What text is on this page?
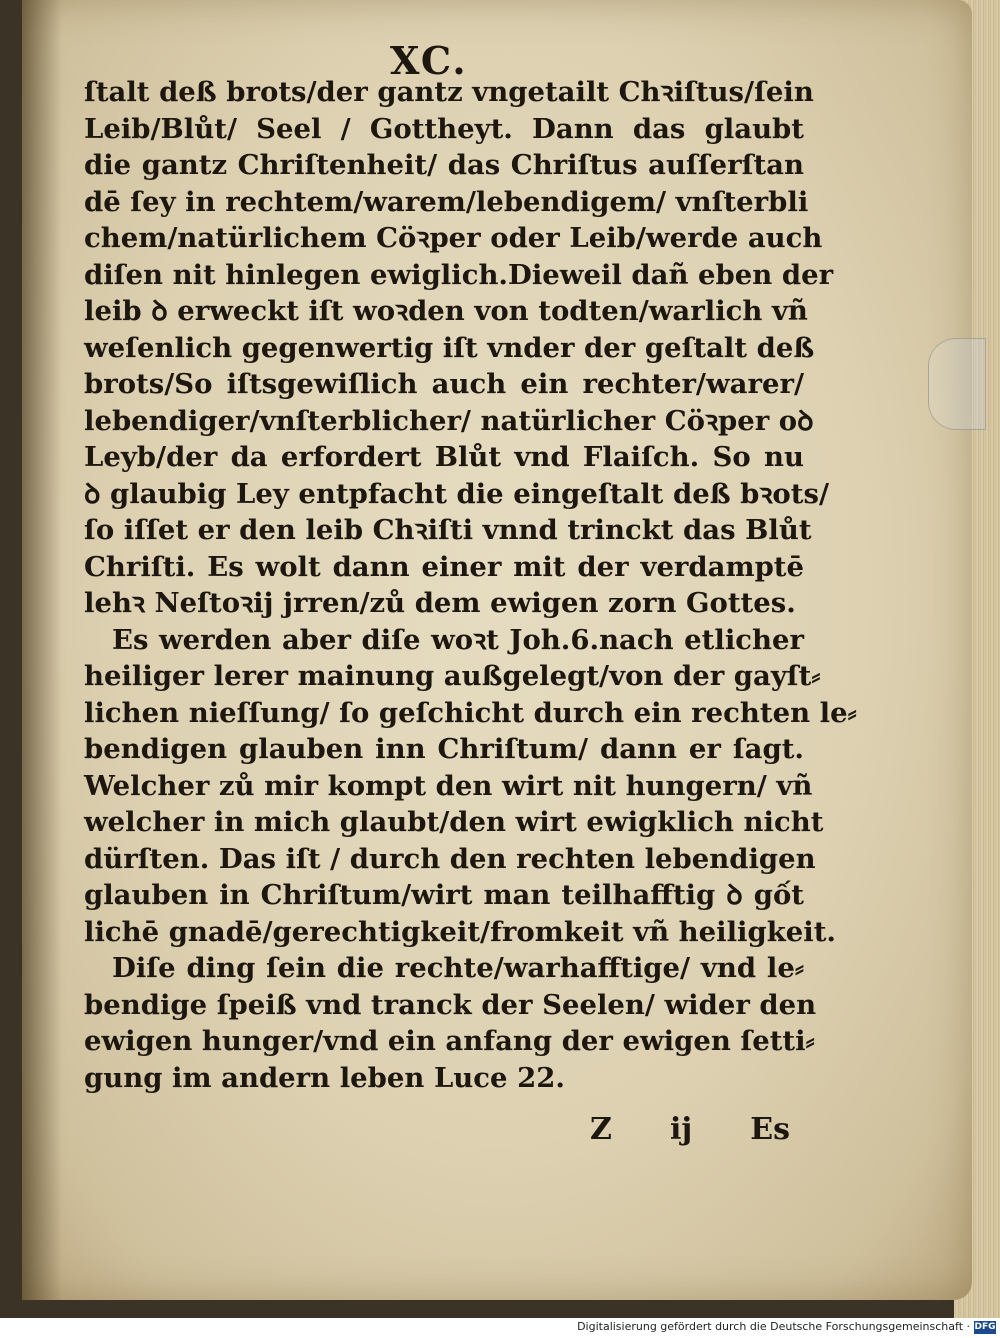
XC.
ſtalt deß brots/der gantz vngetailt Chꝛiſtus/ſein
Leib/Blůt/ Seel / Gottheyt. Dann das glaubt
die gantz Chriſtenheit/ das Chriſtus auſſerſtan
dē ſey in rechtem/warem/lebendigem/ vnſterbli
chem/natürlichem Cöꝛper oder Leib/werde auch
diſen nit hinlegen ewiglich.Dieweil dañ eben der
leib ꝺ erweckt iſt woꝛden von todten/warlich vñ
weſenlich gegenwertig iſt vnder der geſtalt deß
brots/So iſtsgewiſlich auch ein rechter/warer/
lebendiger/vnſterblicher/ natürlicher Cöꝛper oꝺ
Leyb/der da erfordert Blůt vnd Flaiſch. So nu
ꝺ glaubig Ley entpfacht die eingeſtalt deß bꝛots/
ſo iſſet er den leib Chꝛiſti vnnd trinckt das Blůt
Chriſti. Es wolt dann einer mit der verdamptē
lehꝛ Neſtoꝛij jrren/zů dem ewigen zorn Gottes.
Es werden aber diſe woꝛt Joh.6.nach etlicher
heiliger lerer mainung außgelegt/von der gayſt⸗
lichen nieſſung/ ſo geſchicht durch ein rechten le⸗
bendigen glauben inn Chriſtum/ dann er ſagt.
Welcher zů mir kompt den wirt nit hungern/ vñ
welcher in mich glaubt/den wirt ewigklich nicht
dürſten. Das iſt / durch den rechten lebendigen
glauben in Chriſtum/wirt man teilhafftig ꝺ gốt
lichē gnadē/gerechtigkeit/fromkeit vñ heiligkeit.
Diſe ding ſein die rechte/warhafftige/ vnd le⸗
bendige ſpeiß vnd tranck der Seelen/ wider den
ewigen hunger/vnd ein anfang der ewigen ſetti⸗
gung im andern leben Luce 22.
Z ij Es
Digitalisierung gefördert durch die Deutsche Forschungsgemeinschaft · DFG
